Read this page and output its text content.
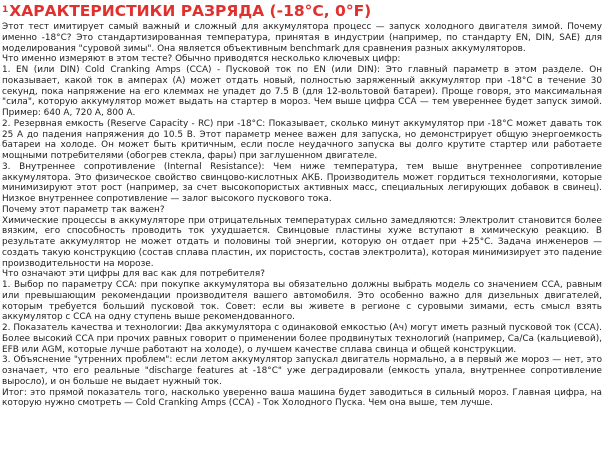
$^1$ХАРАКТЕРИСТИКИ РАЗРЯДА (-18°C, 0°F)

Этот тест имитирует самый важный и сложный для аккумулятора процесс — запуск холодного двигателя зимой. Почему именно -18°C? Это стандартизированная температура, принятая в индустрии (например, по стандарту EN, DIN, SAE) для моделирования "суровой зимы". Она является объективным benchmark для сравнения разных аккумуляторов.

Что именно измеряют в этом тесте? Обычно приводятся несколько ключевых цифр:

1. EN (или DIN) Cold Cranking Amps (CCA) - Пусковой ток по EN (или DIN): Это главный параметр в этом разделе. Он показывает, какой ток в амперах (А) может отдать новый, полностью заряженный аккумулятор при -18°C в течение 30 секунд, пока напряжение на его клеммах не упадет до 7.5 В (для 12-вольтовой батареи). Проще говоря, это максимальная "сила", которую аккумулятор может выдать на стартер в мороз. Чем выше цифра CCA — тем увереннее будет запуск зимой. Пример: 640 А, 720 А, 800 А.

2. Резервная емкость (Reserve Capacity - RC) при -18°C: Показывает, сколько минут аккумулятор при -18°C может давать ток 25 А до падения напряжения до 10.5 В. Этот параметр менее важен для запуска, но демонстрирует общую энергоемкость батареи на холоде. Он может быть критичным, если после неудачного запуска вы долго крутите стартер или работаете мощными потребителями (обогрев стекла, фары) при заглушенном двигателе.

3. Внутреннее сопротивление (Internal Resistance): Чем ниже температура, тем выше внутреннее сопротивление аккумулятора. Это физическое свойство свинцово-кислотных АКБ. Производитель может гордиться технологиями, которые минимизируют этот рост (например, за счет высокопористых активных масс, специальных легирующих добавок в свинец). Низкое внутреннее сопротивление — залог высокого пускового тока.

Почему этот параметр так важен?

Химические процессы в аккумуляторе при отрицательных температурах сильно замедляются: Электролит становится более вязким, его способность проводить ток ухудшается. Свинцовые пластины хуже вступают в химическую реакцию. В результате аккумулятор не может отдать и половины той энергии, которую он отдает при +25°C. Задача инженеров — создать такую конструкцию (состав сплава пластин, их пористость, состав электролита), которая минимизирует это падение производительности на морозе.

Что означают эти цифры для вас как для потребителя?

1. Выбор по параметру CCA: при покупке аккумулятора вы обязательно должны выбрать модель со значением CCA, равным или превышающим рекомендации производителя вашего автомобиля. Это особенно важно для дизельных двигателей, которым требуется больший пусковой ток. Совет: если вы живете в регионе с суровыми зимами, есть смысл взять аккумулятор с CCA на одну ступень выше рекомендованного.

2. Показатель качества и технологии: Два аккумулятора с одинаковой емкостью (Ач) могут иметь разный пусковой ток (CCA). Более высокий CCA при прочих равных говорит о применении более продвинутых технологий (например, Ca/Ca (кальциевой), EFB или AGM, которые лучше работают на холоде), о лучшем качестве сплава свинца и общей конструкции.

3. Объяснение "утренних проблем": если летом аккумулятор запускал двигатель нормально, а в первый же мороз — нет, это означает, что его реальные "discharge features at -18°C" уже деградировали (емкость упала, внутреннее сопротивление выросло), и он больше не выдает нужный ток.

Итог: это прямой показатель того, насколько уверенно ваша машина будет заводиться в сильный мороз. Главная цифра, на которую нужно смотреть — Cold Cranking Amps (CCA) - Ток Холодного Пуска. Чем она выше, тем лучше.
